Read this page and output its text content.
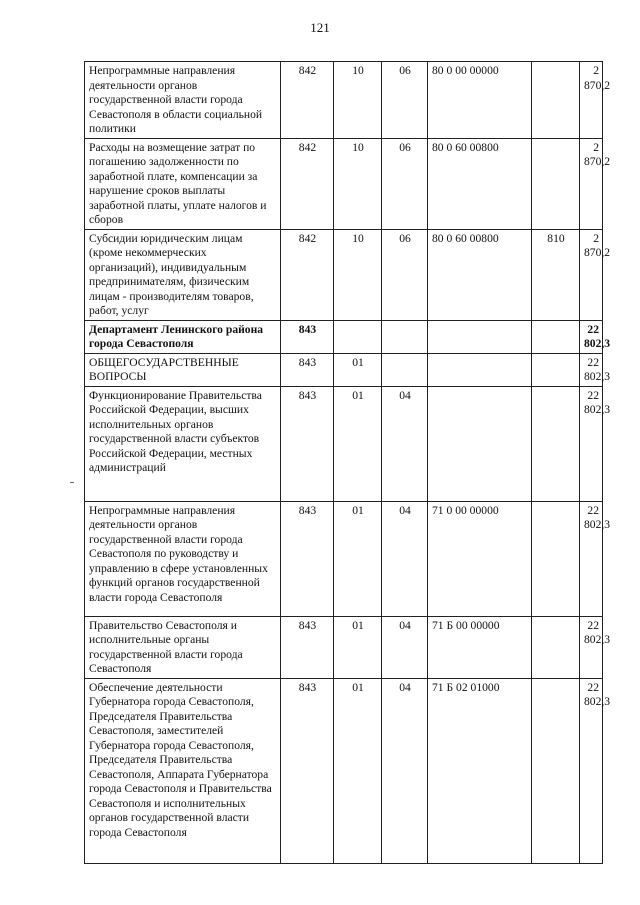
121
Непрограммные направления деятельности органов государственной власти города Севастополя в области социальной политики	842	10	06	80 0 00 00000		2 870,2
Расходы на возмещение затрат по погашению задолженности по заработной плате, компенсации за нарушение сроков выплаты заработной платы, уплате налогов и сборов	842	10	06	80 0 60 00800		2 870,2
Субсидии юридическим лицам (кроме некоммерческих организаций), индивидуальным предпринимателям, физическим лицам - производителям товаров, работ, услуг	842	10	06	80 0 60 00800	810	2 870,2
Департамент Ленинского района города Севастополя	843					22 802,3
ОБЩЕГОСУДАРСТВЕННЫЕ ВОПРОСЫ	843	01				22 802,3
Функционирование Правительства Российской Федерации, высших исполнительных органов государственной власти субъектов Российской Федерации, местных администраций	843	01	04			22 802,3
Непрограммные направления деятельности органов государственной власти города Севастополя по руководству и управлению в сфере установленных функций органов государственной власти города Севастополя	843	01	04	71 0 00 00000		22 802,3
Правительство Севастополя и исполнительные органы государственной власти города Севастополя	843	01	04	71 Б 00 00000		22 802,3
Обеспечение деятельности Губернатора города Севастополя, Председателя Правительства Севастополя, заместителей Губернатора города Севастополя, Председателя Правительства Севастополя, Аппарата Губернатора города Севастополя и Правительства Севастополя и исполнительных органов государственной власти города Севастополя	843	01	04	71 Б 02 01000		22 802,3
